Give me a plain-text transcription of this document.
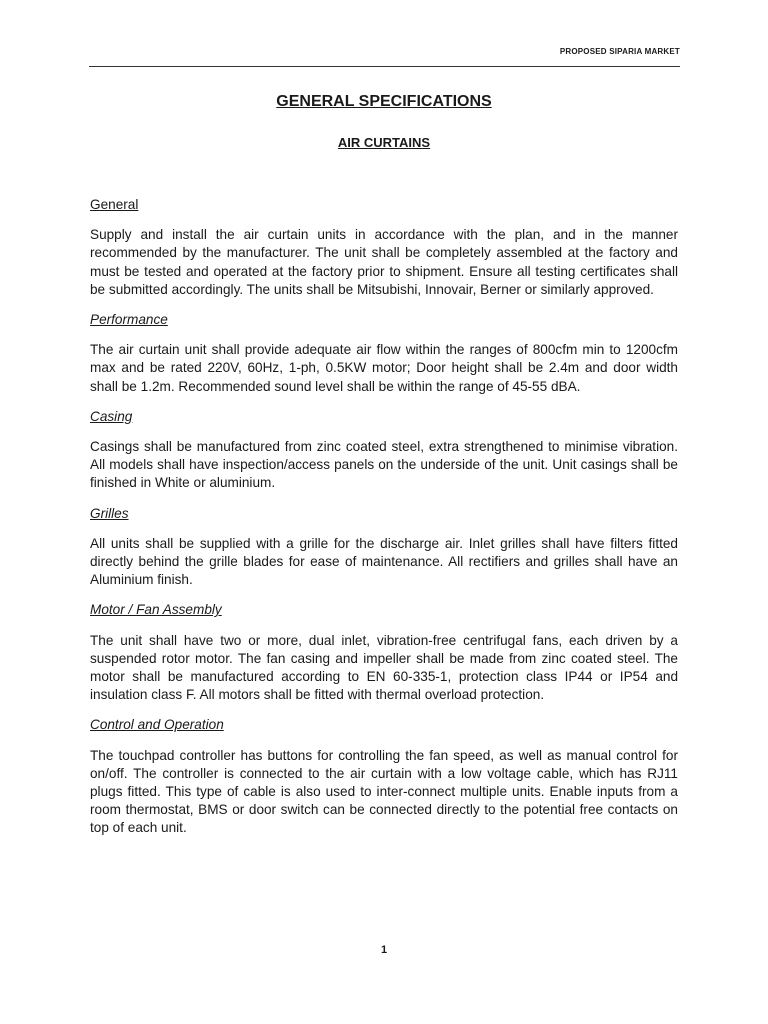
PROPOSED SIPARIA MARKET
GENERAL SPECIFICATIONS
AIR CURTAINS
General
Supply and install the air curtain units in accordance with the plan, and in the manner recommended by the manufacturer. The unit shall be completely assembled at the factory and must be tested and operated at the factory prior to shipment. Ensure all testing certificates shall be submitted accordingly. The units shall be Mitsubishi, Innovair, Berner or similarly approved.
Performance
The air curtain unit shall provide adequate air flow within the ranges of 800cfm min to 1200cfm max and be rated 220V, 60Hz, 1-ph, 0.5KW motor; Door height shall be 2.4m and door width shall be 1.2m. Recommended sound level shall be within the range of 45-55 dBA.
Casing
Casings shall be manufactured from zinc coated steel, extra strengthened to minimise vibration. All models shall have inspection/access panels on the underside of the unit. Unit casings shall be finished in White or aluminium.
Grilles
All units shall be supplied with a grille for the discharge air. Inlet grilles shall have filters fitted directly behind the grille blades for ease of maintenance. All rectifiers and grilles shall have an Aluminium finish.
Motor / Fan Assembly
The unit shall have two or more, dual inlet, vibration-free centrifugal fans, each driven by a suspended rotor motor. The fan casing and impeller shall be made from zinc coated steel. The motor shall be manufactured according to EN 60-335-1, protection class IP44 or IP54 and insulation class F. All motors shall be fitted with thermal overload protection.
Control and Operation
The touchpad controller has buttons for controlling the fan speed, as well as manual control for on/off. The controller is connected to the air curtain with a low voltage cable, which has RJ11 plugs fitted. This type of cable is also used to inter-connect multiple units. Enable inputs from a room thermostat, BMS or door switch can be connected directly to the potential free contacts on top of each unit.
1
